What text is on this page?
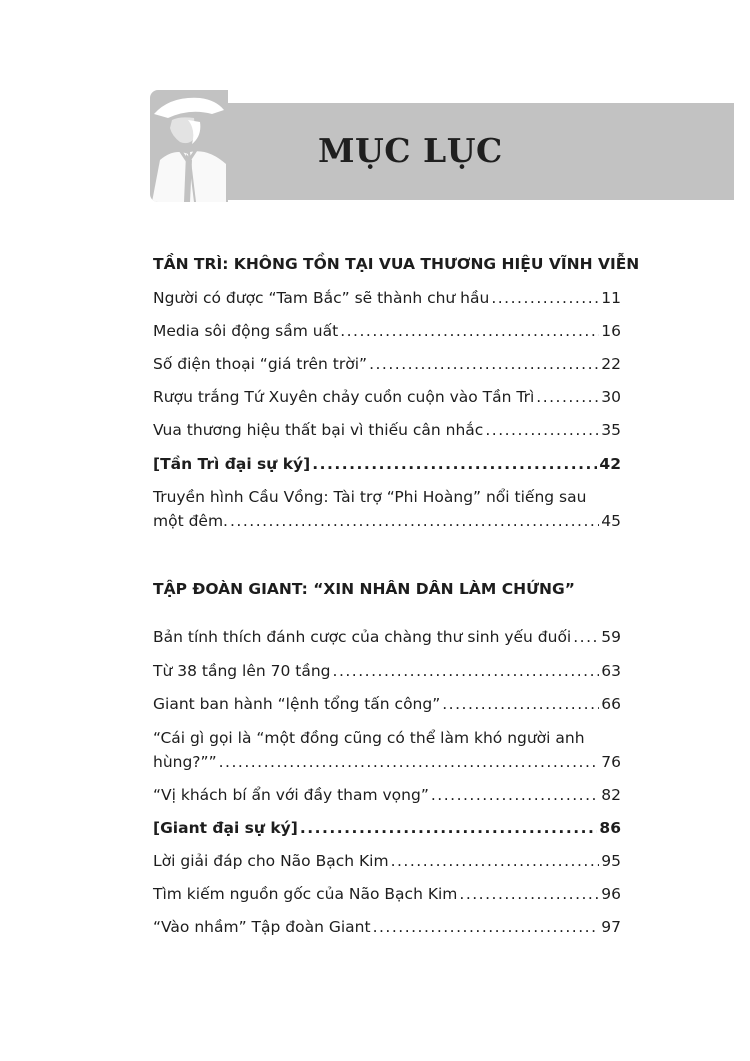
MỤC LỤC
TẦN TRÌ: KHÔNG TỒN TẠI VUA THƯƠNG HIỆU VĨNH VIỄN
Người có được “Tam Bắc” sẽ thành chư hầu .....	11
Media sôi động sầm uất .....	16
Số điện thoại “giá trên trời” .....	22
Rượu trắng Tứ Xuyên chảy cuồn cuộn vào Tần Trì .....	30
Vua thương hiệu thất bại vì thiếu cân nhắc .....	35
[Tần Trì đại sự ký] .....	42
Truyền hình Cầu Vồng: Tài trợ “Phi Hoàng” nổi tiếng sau
một đêm. .....	45
TẬP ĐOÀN GIANT: “XIN NHÂN DÂN LÀM CHỨNG”
Bản tính thích đánh cược của chàng thư sinh yếu đuối ..... 59
Từ 38 tầng lên 70 tầng .....	63
Giant ban hành “lệnh tổng tấn công” .....	66
“Cái gì gọi là “một đồng cũng có thể làm khó người anh
hùng?”” .....	76
“Vị khách bí ẩn với đầy tham vọng” .....	82
[Giant đại sự ký] .....	86
Lời giải đáp cho Não Bạch Kim .....	95
Tìm kiếm nguồn gốc của Não Bạch Kim .....	96
“Vào nhầm” Tập đoàn Giant .....	97
